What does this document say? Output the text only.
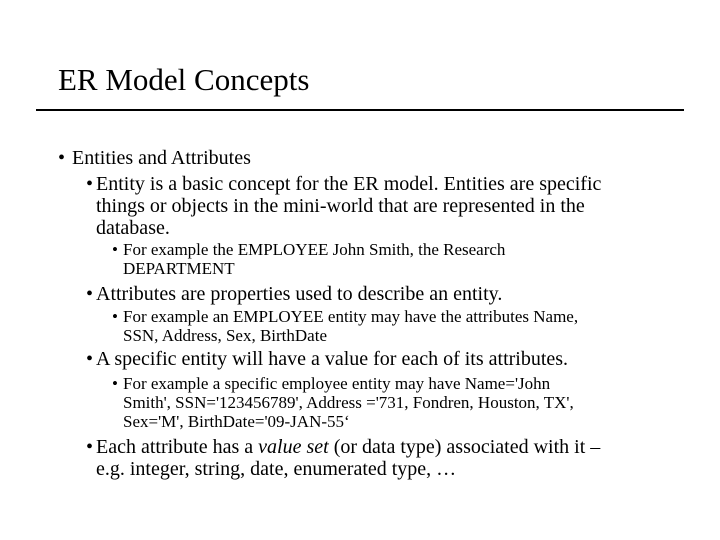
ER Model Concepts
• Entities and Attributes
• Entity is a basic concept for the ER model. Entities are specific
things or objects in the mini-world that are represented in the
database.
• For example the EMPLOYEE John Smith, the Research
DEPARTMENT
• Attributes are properties used to describe an entity.
• For example an EMPLOYEE entity may have the attributes Name,
SSN, Address, Sex, BirthDate
• A specific entity will have a value for each of its attributes.
• For example a specific employee entity may have Name='John
Smith', SSN='123456789', Address ='731, Fondren, Houston, TX',
Sex='M', BirthDate='09-JAN-55‘
• Each attribute has a value set (or data type) associated with it –
e.g. integer, string, date, enumerated type, …
